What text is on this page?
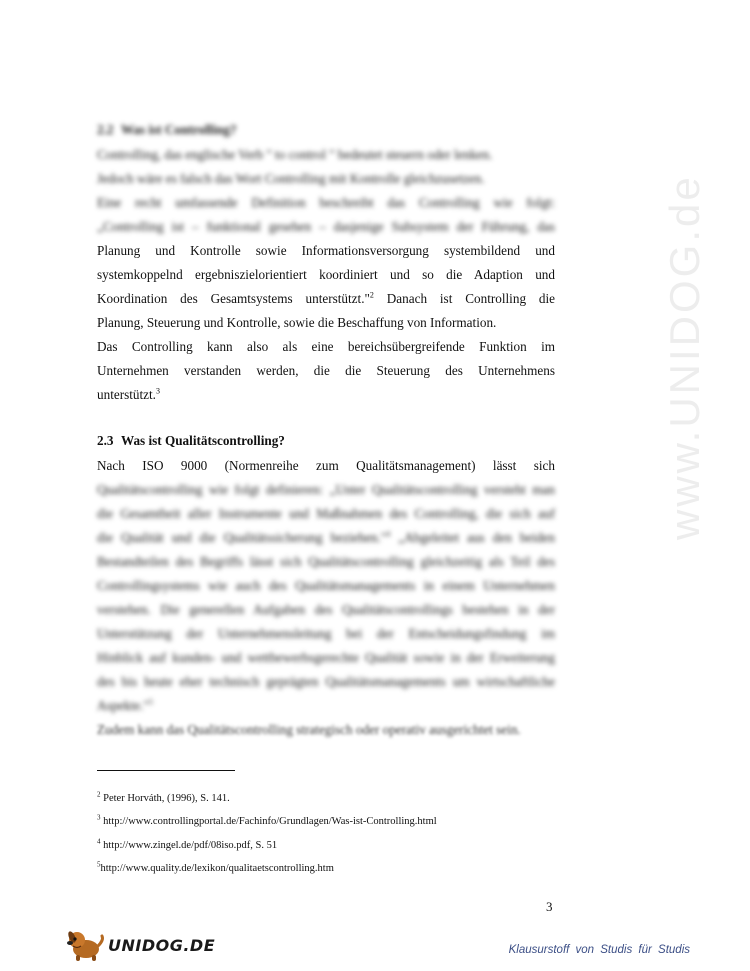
www.UNIDOG.de
2.2 Was ist Controlling?
Controlling, das englische Verb " to control " bedeutet steuern oder lenken.
Jedoch wäre es falsch das Wort Controlling mit Kontrolle gleichzusetzen.
Eine recht umfassende Definition beschreibt das Controlling wie folgt:
„Controlling ist – funktional gesehen – dasjenige Subsystem der Führung, das
Planung und Kontrolle sowie Informationsversorgung systembildend und
systemkoppelnd ergebniszielorientiert koordiniert und so die Adaption und
Koordination des Gesamtsystems unterstützt."$^2$ Danach ist Controlling die
Planung, Steuerung und Kontrolle, sowie die Beschaffung von Information.
Das Controlling kann also als eine bereichsübergreifende Funktion im
Unternehmen verstanden werden, die die Steuerung des Unternehmens
unterstützt.$^3$
2.3 Was ist Qualitätscontrolling?
Nach ISO 9000 (Normenreihe zum Qualitätsmanagement) lässt sich
Qualitätscontrolling wie folgt definieren: „Unter Qualitätscontrolling versteht man
die Gesamtheit aller Instrumente und Maßnahmen des Controlling, die sich auf
die Qualität und die Qualitätssicherung beziehen."$^4$ „Abgeleitet aus den beiden
Bestandteilen des Begriffs lässt sich Qualitätscontrolling gleichzeitig als Teil des
Controllingsystems wie auch des Qualitätsmanagements in einem Unternehmen
verstehen. Die generellen Aufgaben des Qualitätscontrollings bestehen in der
Unterstützung der Unternehmensleitung bei der Entscheidungsfindung im
Hinblick auf kunden- und wettbewerbsgerechte Qualität sowie in der Erweiterung
des bis heute eher technisch geprägten Qualitätsmanagements um wirtschaftliche
Aspekte."$^5$
Zudem kann das Qualitätscontrolling strategisch oder operativ ausgerichtet sein.
$^2$ Peter Horváth, (1996), S. 141.
$^3$ http://www.controllingportal.de/Fachinfo/Grundlagen/Was-ist-Controlling.html
$^4$ http://www.zingel.de/pdf/08iso.pdf, S. 51
$^5$http://www.quality.de/lexikon/qualitaetscontrolling.htm
3
UNIDOG.DE	Klausurstoff von Studis für Studis
